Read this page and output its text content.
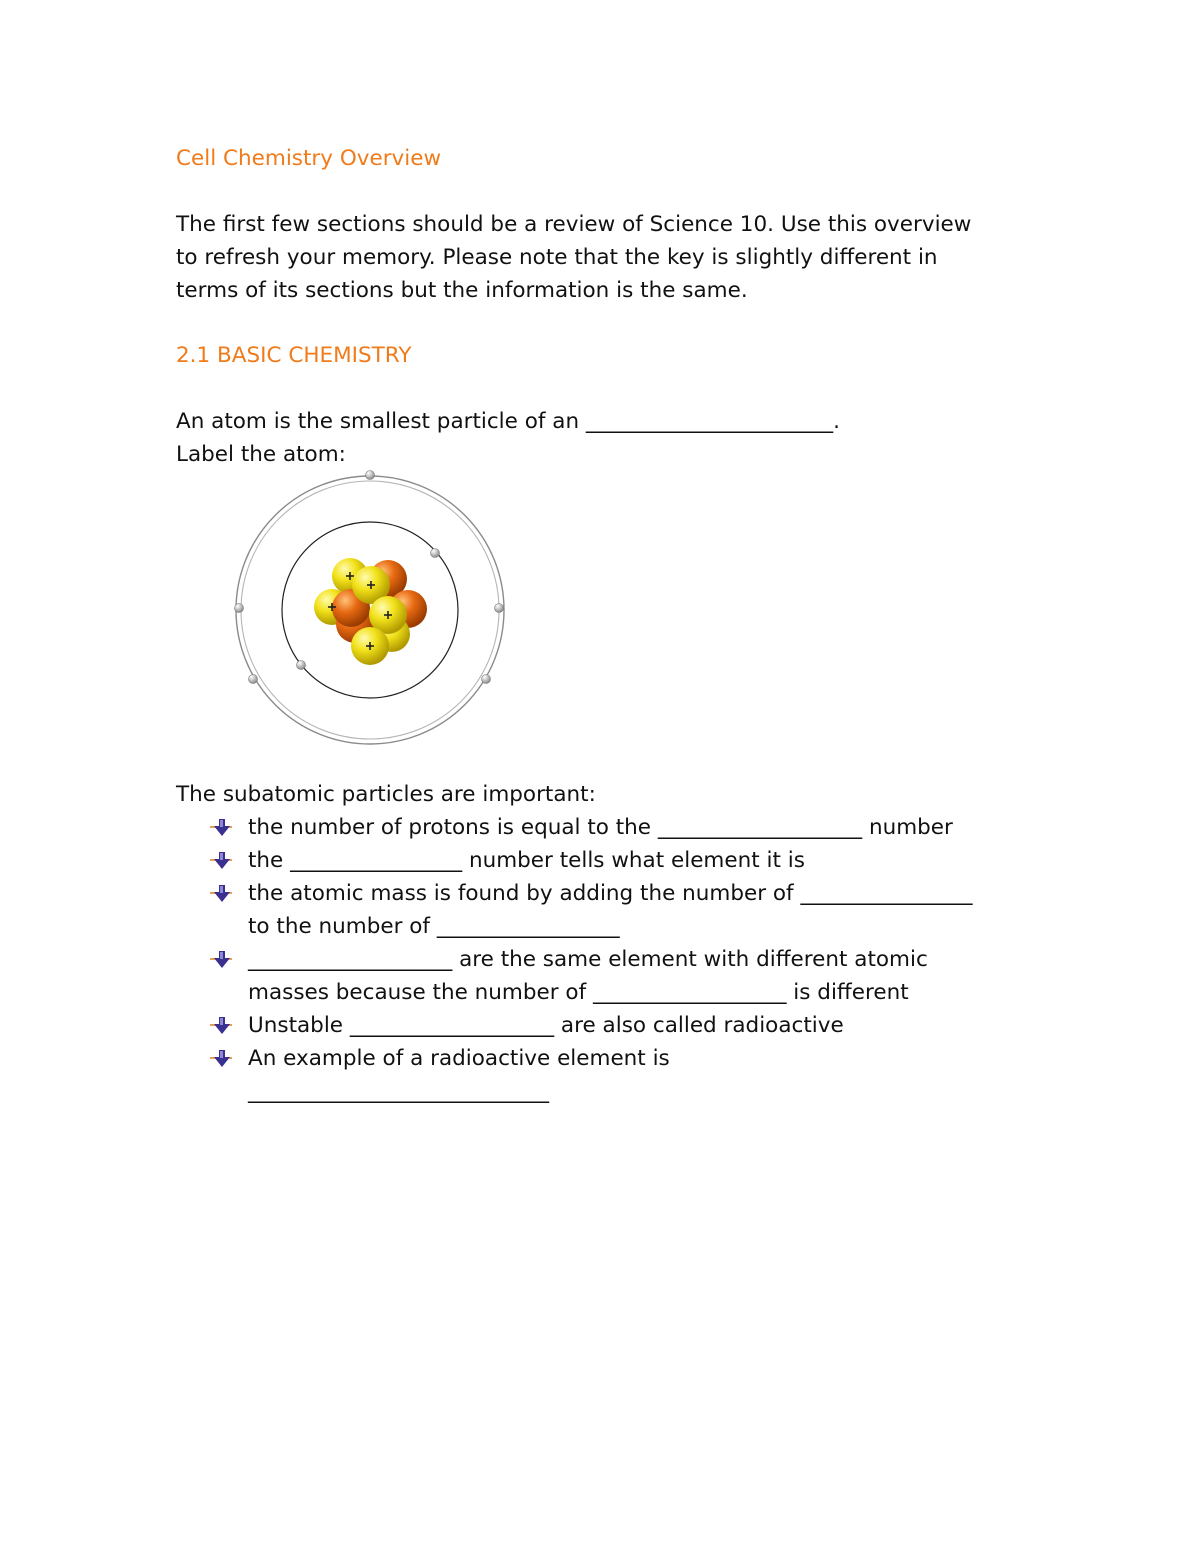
Cell Chemistry Overview

The first few sections should be a review of Science 10. Use this overview

to refresh your memory. Please note that the key is slightly different in

terms of its sections but the information is the same.

2.1 BASIC CHEMISTRY

An atom is the smallest particle of an _______________________.

Label the atom:

The subatomic particles are important:

the number of protons is equal to the ___________________ number
the ________________ number tells what element it is
the atomic mass is found by adding the number of ________________
to the number of _________________
___________________ are the same element with different atomic
masses because the number of __________________ is different
Unstable ___________________ are also called radioactive
An example of a radioactive element is
____________________________
